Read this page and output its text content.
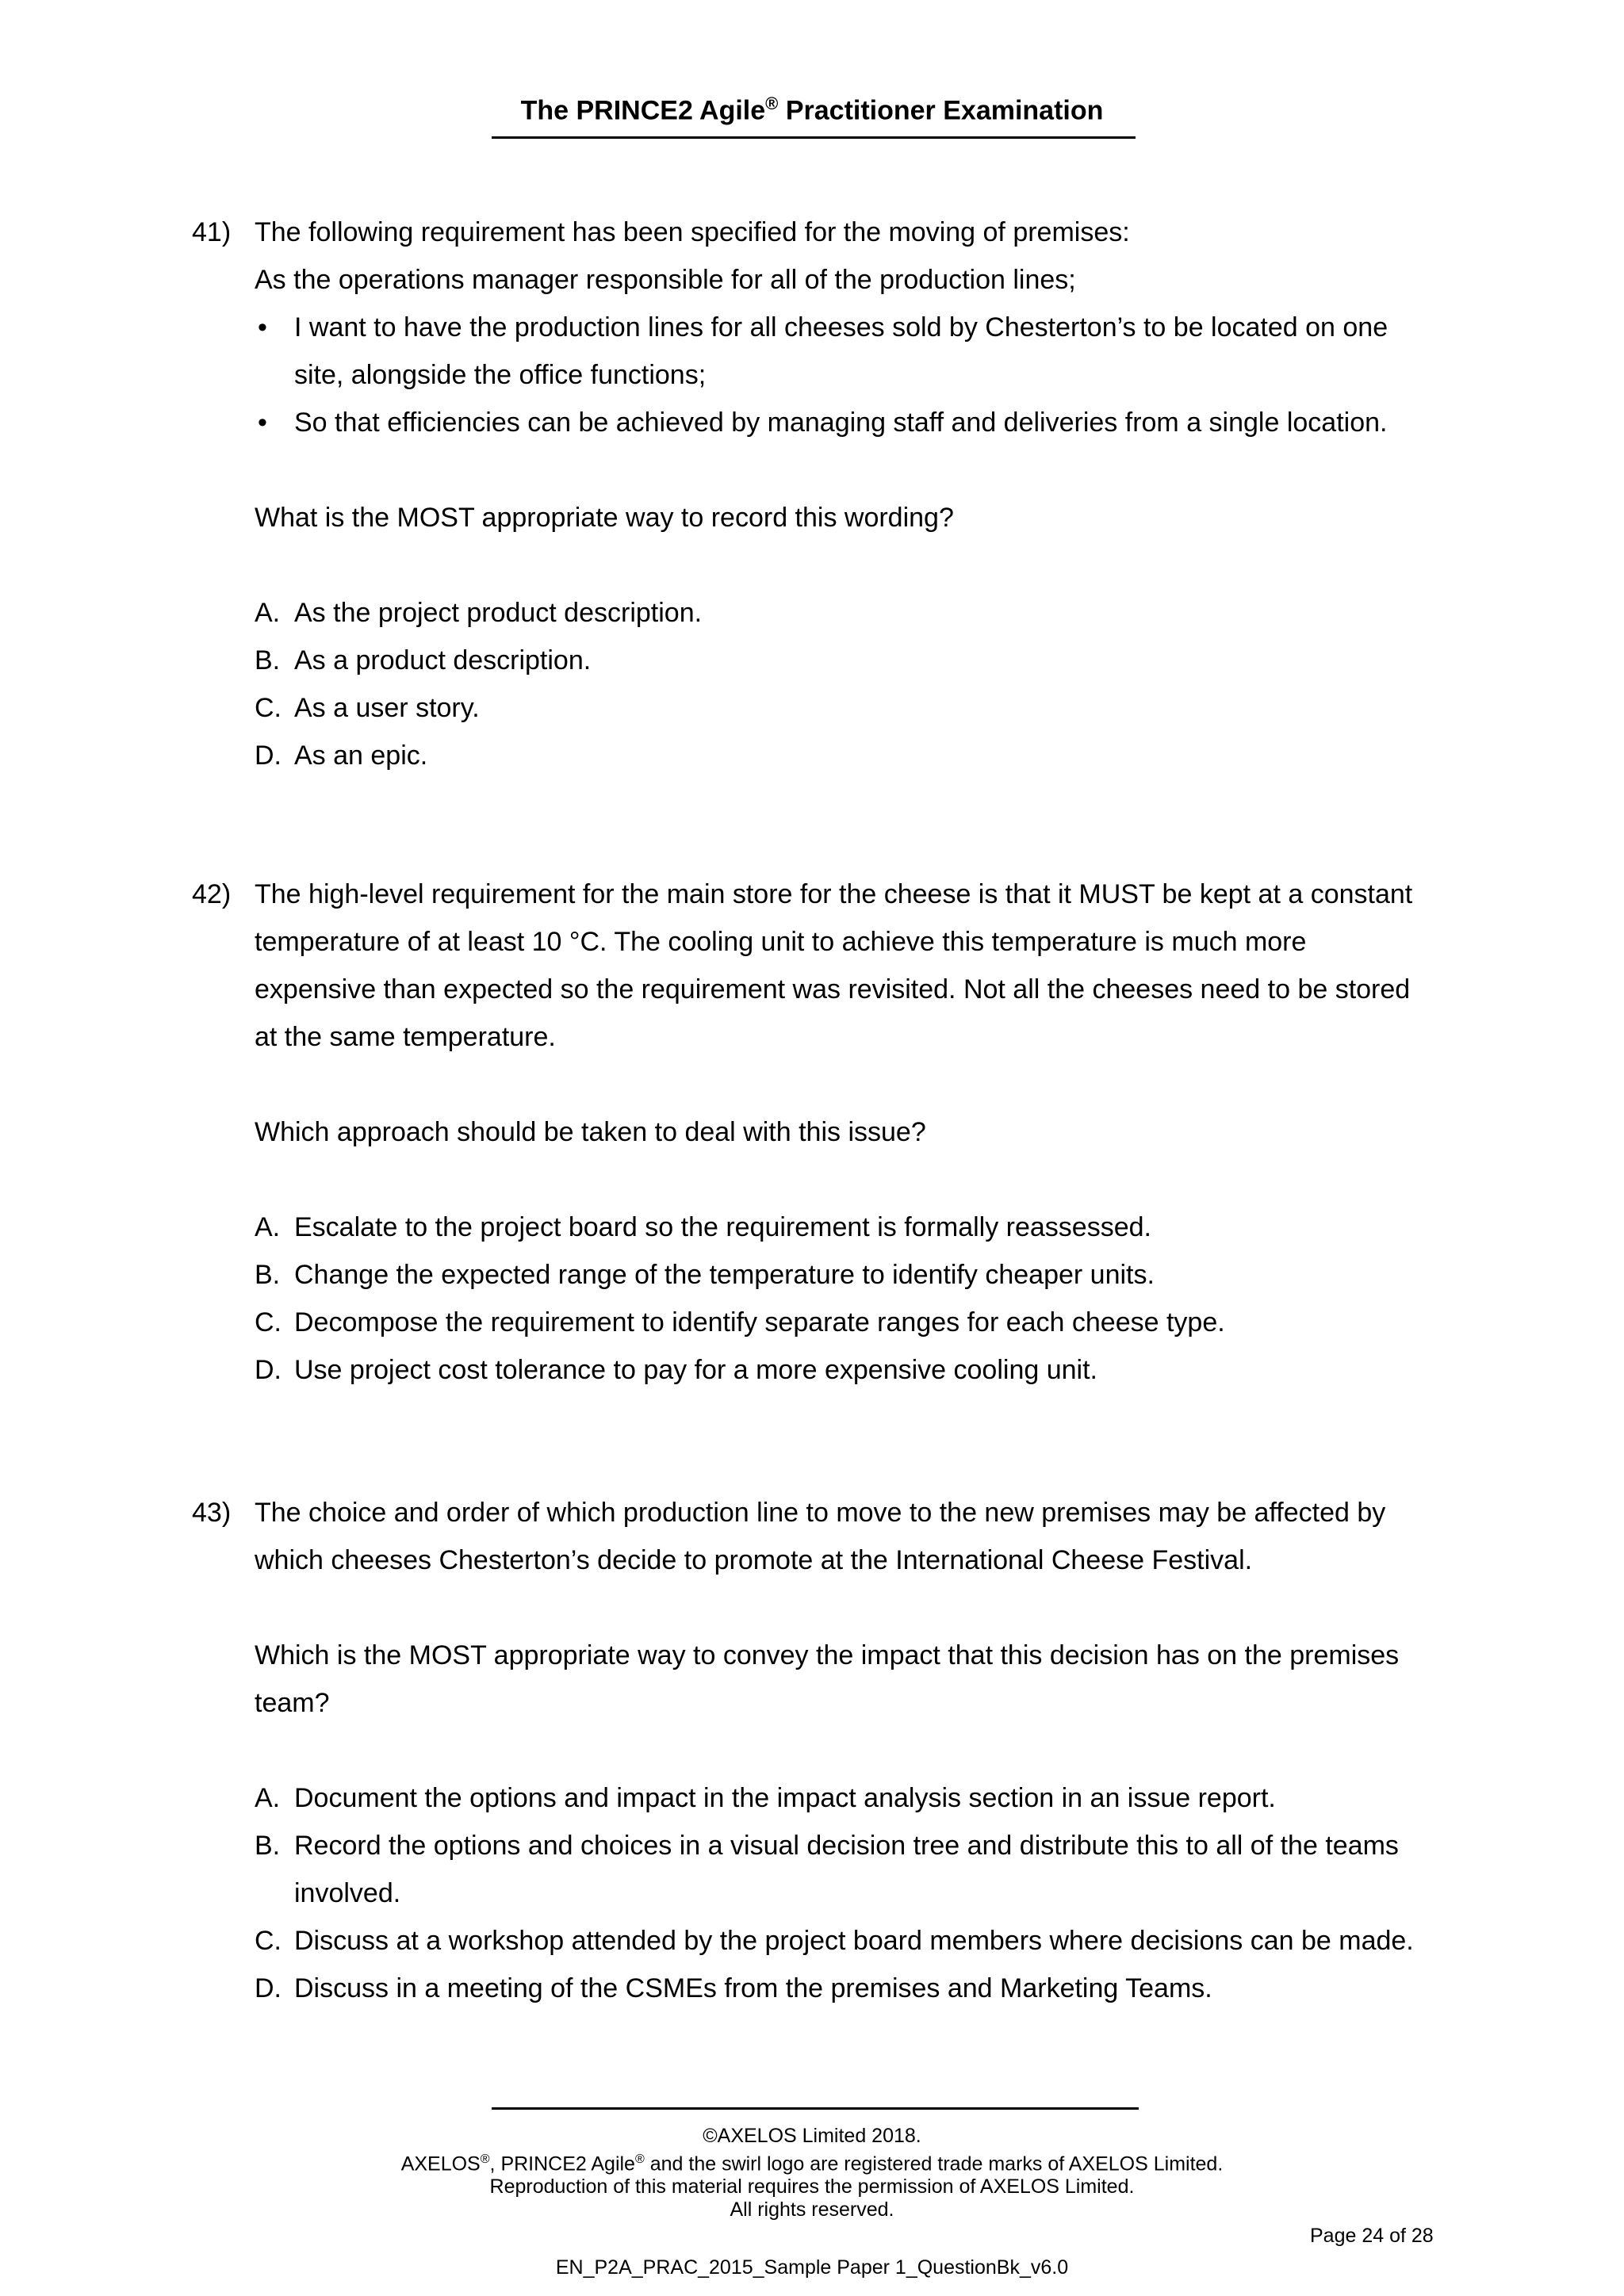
The PRINCE2 Agile® Practitioner Examination
41) The following requirement has been specified for the moving of premises:
As the operations manager responsible for all of the production lines;
• I want to have the production lines for all cheeses sold by Chesterton’s to be located on one
site, alongside the office functions;
• So that efficiencies can be achieved by managing staff and deliveries from a single location.
What is the MOST appropriate way to record this wording?
A. As the project product description.
B. As a product description.
C. As a user story.
D. As an epic.
42) The high-level requirement for the main store for the cheese is that it MUST be kept at a constant
temperature of at least 10 °C. The cooling unit to achieve this temperature is much more
expensive than expected so the requirement was revisited. Not all the cheeses need to be stored
at the same temperature.
Which approach should be taken to deal with this issue?
A. Escalate to the project board so the requirement is formally reassessed.
B. Change the expected range of the temperature to identify cheaper units.
C. Decompose the requirement to identify separate ranges for each cheese type.
D. Use project cost tolerance to pay for a more expensive cooling unit.
43) The choice and order of which production line to move to the new premises may be affected by
which cheeses Chesterton’s decide to promote at the International Cheese Festival.
Which is the MOST appropriate way to convey the impact that this decision has on the premises
team?
A. Document the options and impact in the impact analysis section in an issue report.
B. Record the options and choices in a visual decision tree and distribute this to all of the teams
involved.
C. Discuss at a workshop attended by the project board members where decisions can be made.
D. Discuss in a meeting of the CSMEs from the premises and Marketing Teams.
©AXELOS Limited 2018.
AXELOS®, PRINCE2 Agile® and the swirl logo are registered trade marks of AXELOS Limited.
Reproduction of this material requires the permission of AXELOS Limited.
All rights reserved.
Page 24 of 28
EN_P2A_PRAC_2015_Sample Paper 1_QuestionBk_v6.0
